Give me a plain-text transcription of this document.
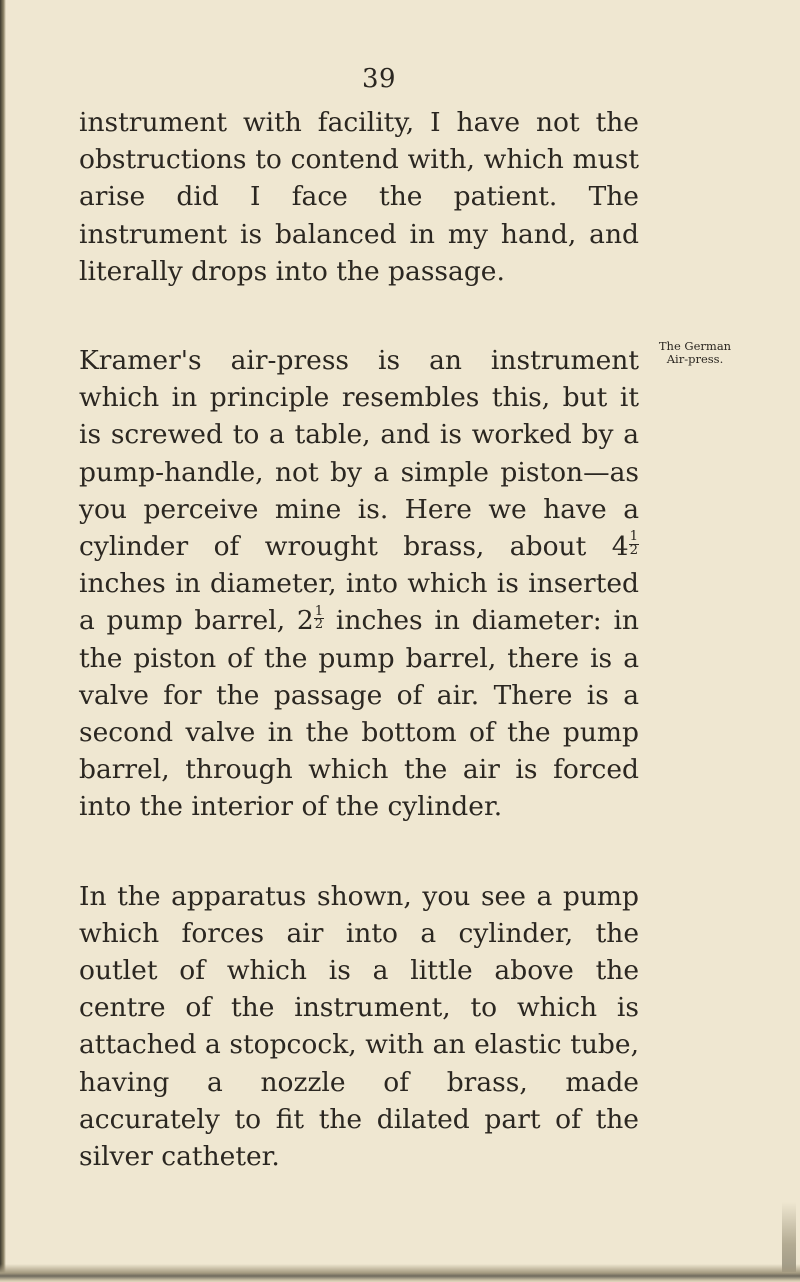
39

instrument with facility, I have not the obstructions to contend with, which must arise did I face the patient. The instrument is balanced in my hand, and literally drops into the passage.

Kramer's air-press is an instrument which in principle resembles this, but it is screwed to a table, and is worked by a pump-handle, not by a simple piston—as you perceive mine is. Here we have a cylinder of wrought brass, about $4 \frac{1}{2}$
inches in diameter, into which is inserted a pump barrel, $2 \frac{1}{2}$ inches in diameter: in the piston of the pump barrel, there is a valve for the passage of air. There is a second valve in the bottom of the pump barrel, through which the air is forced into the interior of the cylinder.

In the apparatus shown, you see a pump which forces air into a cylinder, the outlet of which is a little above the centre of the instrument, to which is attached a stopcock, with an elastic tube, having a nozzle of brass, made accurately to fit the dilated part of the silver catheter.

The German
Air-press.
